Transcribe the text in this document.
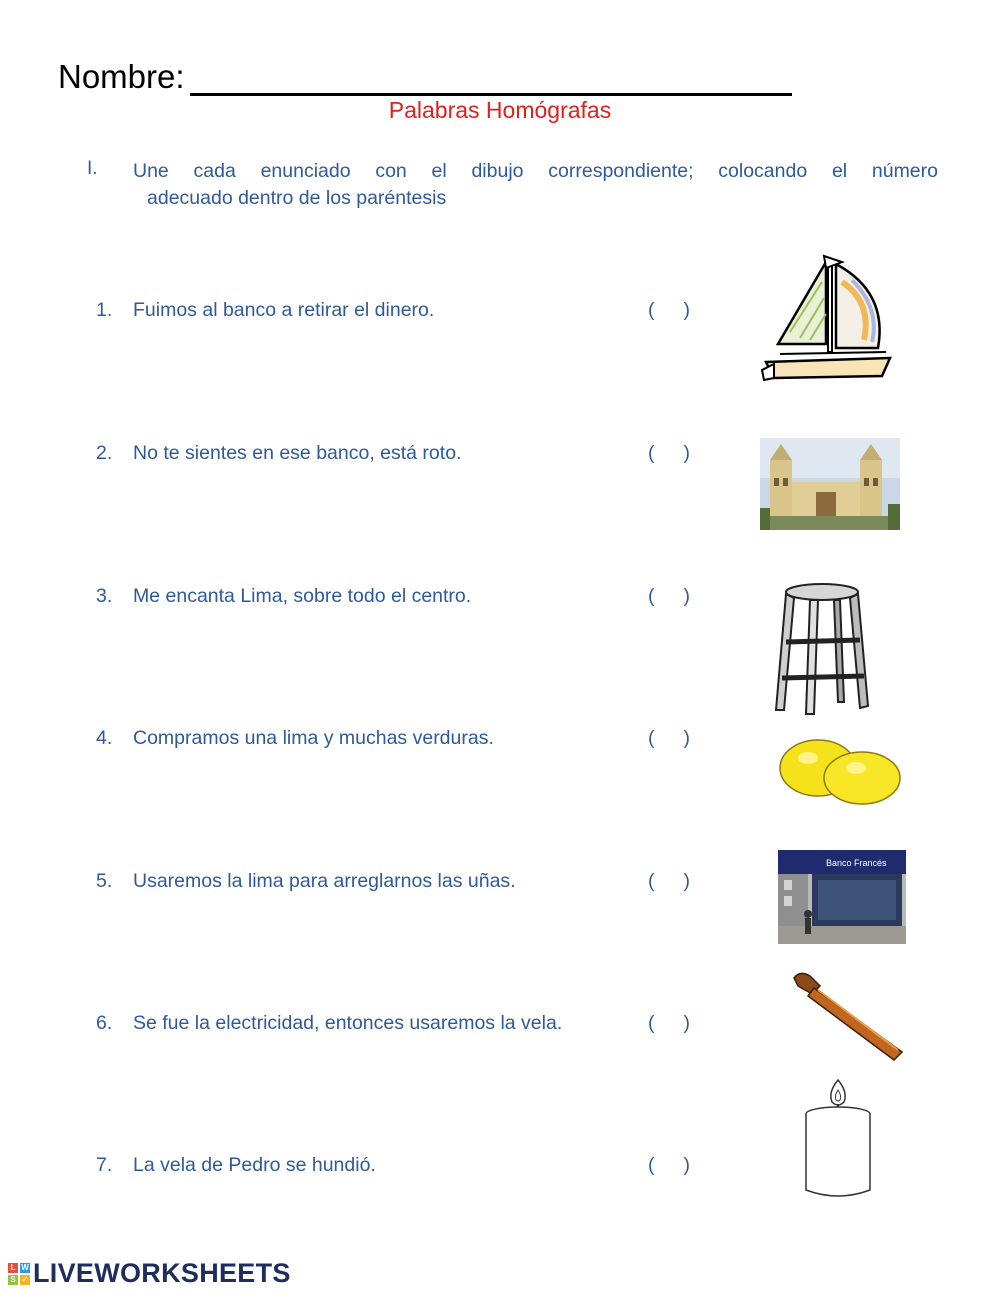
Nombre:
Palabras Homógrafas
I. Une cada enunciado con el dibujo correspondiente; colocando el número
adecuado dentro de los paréntesis
1. Fuimos al banco a retirar el dinero.	( )
2. No te sientes en ese banco, está roto.	( )
3. Me encanta Lima, sobre todo el centro.	( )
4. Compramos una lima y muchas verduras.	( )
5. Usaremos la lima para arreglarnos las uñas.	( )
6. Se fue la electricidad, entonces usaremos la vela.	( )
7. La vela de Pedro se hundió.	( )
Banco Francés
L W
S ✓ LIVEWORKSHEETS
